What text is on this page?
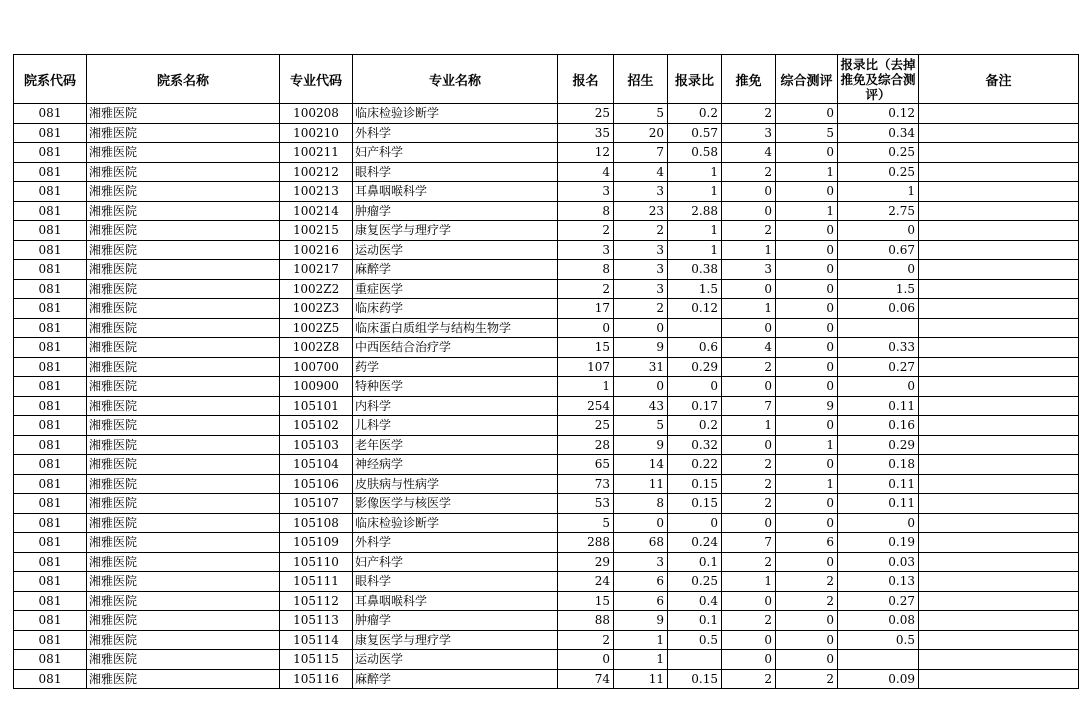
院系代码	院系名称	专业代码	专业名称	报名	招生	报录比	推免	综合测评	报录比（去掉推免及综合测评）	备注
081	湘雅医院	100208	临床检验诊断学	25	5	0.2	2	0	0.12	
081	湘雅医院	100210	外科学	35	20	0.57	3	5	0.34	
081	湘雅医院	100211	妇产科学	12	7	0.58	4	0	0.25	
081	湘雅医院	100212	眼科学	4	4	1	2	1	0.25	
081	湘雅医院	100213	耳鼻咽喉科学	3	3	1	0	0	1	
081	湘雅医院	100214	肿瘤学	8	23	2.88	0	1	2.75	
081	湘雅医院	100215	康复医学与理疗学	2	2	1	2	0	0	
081	湘雅医院	100216	运动医学	3	3	1	1	0	0.67	
081	湘雅医院	100217	麻醉学	8	3	0.38	3	0	0	
081	湘雅医院	1002Z2	重症医学	2	3	1.5	0	0	1.5	
081	湘雅医院	1002Z3	临床药学	17	2	0.12	1	0	0.06	
081	湘雅医院	1002Z5	临床蛋白质组学与结构生物学	0	0		0	0		
081	湘雅医院	1002Z8	中西医结合治疗学	15	9	0.6	4	0	0.33	
081	湘雅医院	100700	药学	107	31	0.29	2	0	0.27	
081	湘雅医院	100900	特种医学	1	0	0	0	0	0	
081	湘雅医院	105101	内科学	254	43	0.17	7	9	0.11	
081	湘雅医院	105102	儿科学	25	5	0.2	1	0	0.16	
081	湘雅医院	105103	老年医学	28	9	0.32	0	1	0.29	
081	湘雅医院	105104	神经病学	65	14	0.22	2	0	0.18	
081	湘雅医院	105106	皮肤病与性病学	73	11	0.15	2	1	0.11	
081	湘雅医院	105107	影像医学与核医学	53	8	0.15	2	0	0.11	
081	湘雅医院	105108	临床检验诊断学	5	0	0	0	0	0	
081	湘雅医院	105109	外科学	288	68	0.24	7	6	0.19	
081	湘雅医院	105110	妇产科学	29	3	0.1	2	0	0.03	
081	湘雅医院	105111	眼科学	24	6	0.25	1	2	0.13	
081	湘雅医院	105112	耳鼻咽喉科学	15	6	0.4	0	2	0.27	
081	湘雅医院	105113	肿瘤学	88	9	0.1	2	0	0.08	
081	湘雅医院	105114	康复医学与理疗学	2	1	0.5	0	0	0.5	
081	湘雅医院	105115	运动医学	0	1		0	0		
081	湘雅医院	105116	麻醉学	74	11	0.15	2	2	0.09	
